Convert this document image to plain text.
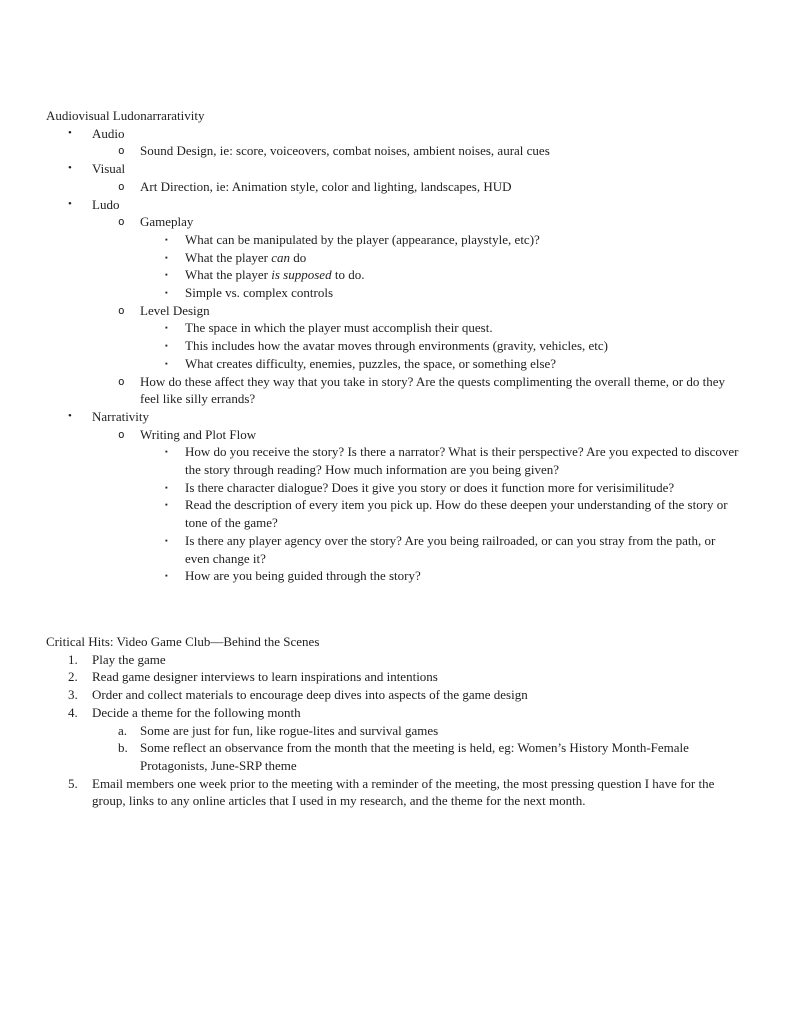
Audiovisual Ludonarrarativity
•	Audio
o	Sound Design, ie: score, voiceovers, combat noises, ambient noises, aural cues
•	Visual
o	Art Direction, ie: Animation style, color and lighting, landscapes, HUD
•	Ludo
o	Gameplay
▪	What can be manipulated by the player (appearance, playstyle, etc)?
▪	What the player can do
▪	What the player is supposed to do.
▪	Simple vs. complex controls
o	Level Design
▪	The space in which the player must accomplish their quest.
▪	This includes how the avatar moves through environments (gravity, vehicles, etc)
▪	What creates difficulty, enemies, puzzles, the space, or something else?
o	How do these affect they way that you take in story? Are the quests complimenting the overall theme, or do they feel like silly errands?
•	Narrativity
o	Writing and Plot Flow
▪	How do you receive the story? Is there a narrator? What is their perspective? Are you expected to discover the story through reading? How much information are you being given?
▪	Is there character dialogue? Does it give you story or does it function more for verisimilitude?
▪	Read the description of every item you pick up. How do these deepen your understanding of the story or tone of the game?
▪	Is there any player agency over the story? Are you being railroaded, or can you stray from the path, or even change it?
▪	How are you being guided through the story?
Critical Hits: Video Game Club—Behind the Scenes
1.	Play the game
2.	Read game designer interviews to learn inspirations and intentions
3.	Order and collect materials to encourage deep dives into aspects of the game design
4.	Decide a theme for the following month
a. Some are just for fun, like rogue-lites and survival games
b. Some reflect an observance from the month that the meeting is held, eg: Women’s History Month-Female Protagonists, June-SRP theme
5.	Email members one week prior to the meeting with a reminder of the meeting, the most pressing question I have for the group, links to any online articles that I used in my research, and the theme for the next month.
